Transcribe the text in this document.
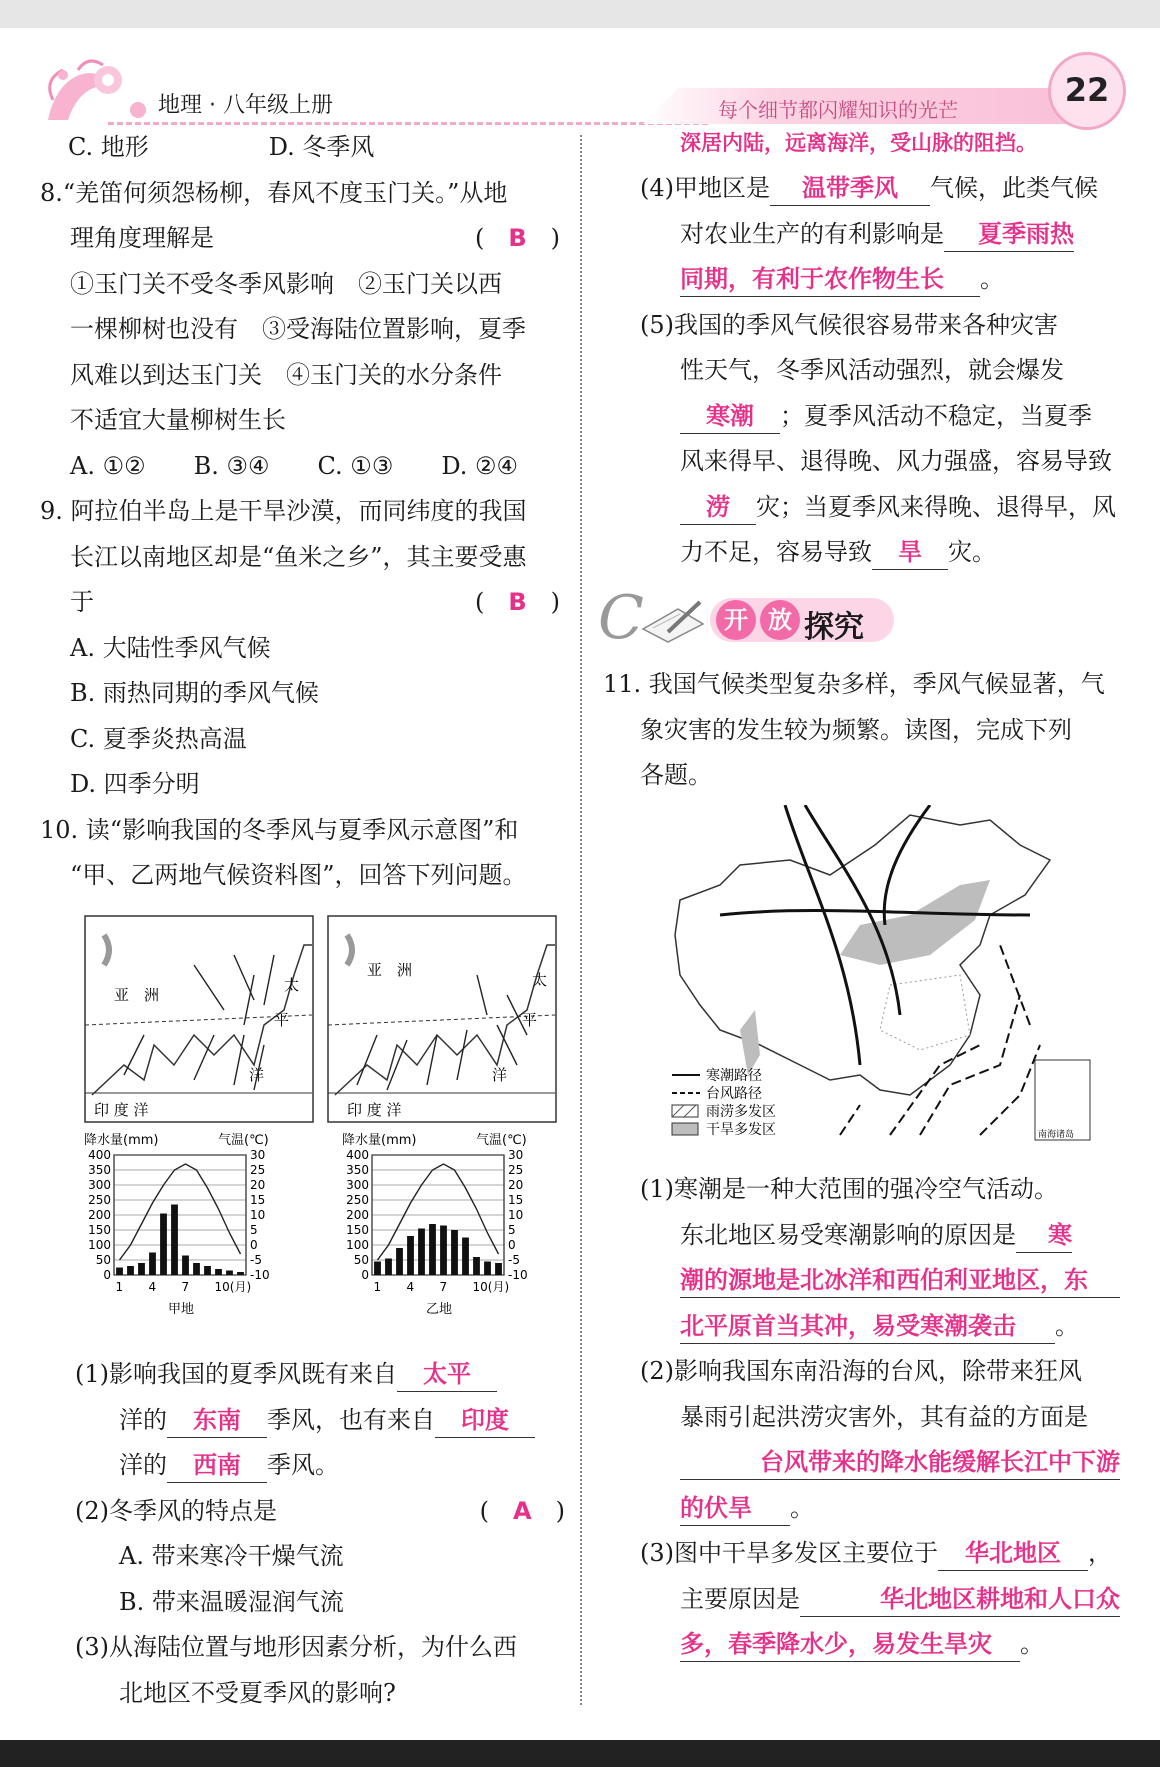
地理 · 八年级上册	每个细节都闪耀知识的光芒
22
C. 地形	D. 冬季风
8.“羌笛何须怨杨柳，春风不度玉门关。”从地
理角度理解是	(　B　)
①玉门关不受冬季风影响　②玉门关以西
一棵柳树也没有　③受海陆位置影响，夏季
风难以到达玉门关　④玉门关的水分条件
不适宜大量柳树生长
A. ①②　　B. ③④　　C. ①③　　D. ②④
9. 阿拉伯半岛上是干旱沙漠，而同纬度的我国
长江以南地区却是“鱼米之乡”，其主要受惠
于	(　B　)
A. 大陆性季风气候
B. 雨热同期的季风气候
C. 夏季炎热高温
D. 四季分明
10. 读“影响我国的冬季风与夏季风示意图”和
“甲、乙两地气候资料图”，回答下列问题。
亚　洲
太
平
洋
印 度 洋
亚　洲
太
平
洋
印 度 洋
降水量(mm)	气温(℃)
400
350
300
250
200
150
100
50
0
30
25
20
15
10
5
0
-5
-10
1 4 7 10(月)
甲地
降水量(mm)	气温(℃)
400
350
300
250
200
150
100
50
0
30
25
20
15
10
5
0
-5
-10
1 4 7 10(月)
乙地
(1)影响我国的夏季风既有来自 太平
洋的 东南 季风，也有来自 印度
洋的 西南 季风。
(2)冬季风的特点是	(　A　)
A. 带来寒冷干燥气流
B. 带来温暖湿润气流
(3)从海陆位置与地形因素分析，为什么西
北地区不受夏季风的影响?
深居内陆，远离海洋，受山脉的阻挡。
(4)甲地区是 温带季风 气候，此类气候
对农业生产的有利影响是 夏季雨热
同期，有利于农作物生长 。
(5)我国的季风气候很容易带来各种灾害
性天气，冬季风活动强烈，就会爆发
寒潮 ；夏季风活动不稳定，当夏季
风来得早、退得晚、风力强盛，容易导致
涝 灾；当夏季风来得晚、退得早，风
力不足，容易导致 旱 灾。
C	开 放 探究
11. 我国气候类型复杂多样，季风气候显著，气
象灾害的发生较为频繁。读图，完成下列
各题。
南海诸岛
寒潮路径
台风路径
雨涝多发区
干旱多发区
(1)寒潮是一种大范围的强冷空气活动。
东北地区易受寒潮影响的原因是 寒
潮的源地是北冰洋和西伯利亚地区，东
北平原首当其冲，易受寒潮袭击 。
(2)影响我国东南沿海的台风，除带来狂风
暴雨引起洪涝灾害外，其有益的方面是
台风带来的降水能缓解长江中下游
的伏旱 。
(3)图中干旱多发区主要位于 华北地区 ，
主要原因是	华北地区耕地和人口众
多，春季降水少，易发生旱灾 。
